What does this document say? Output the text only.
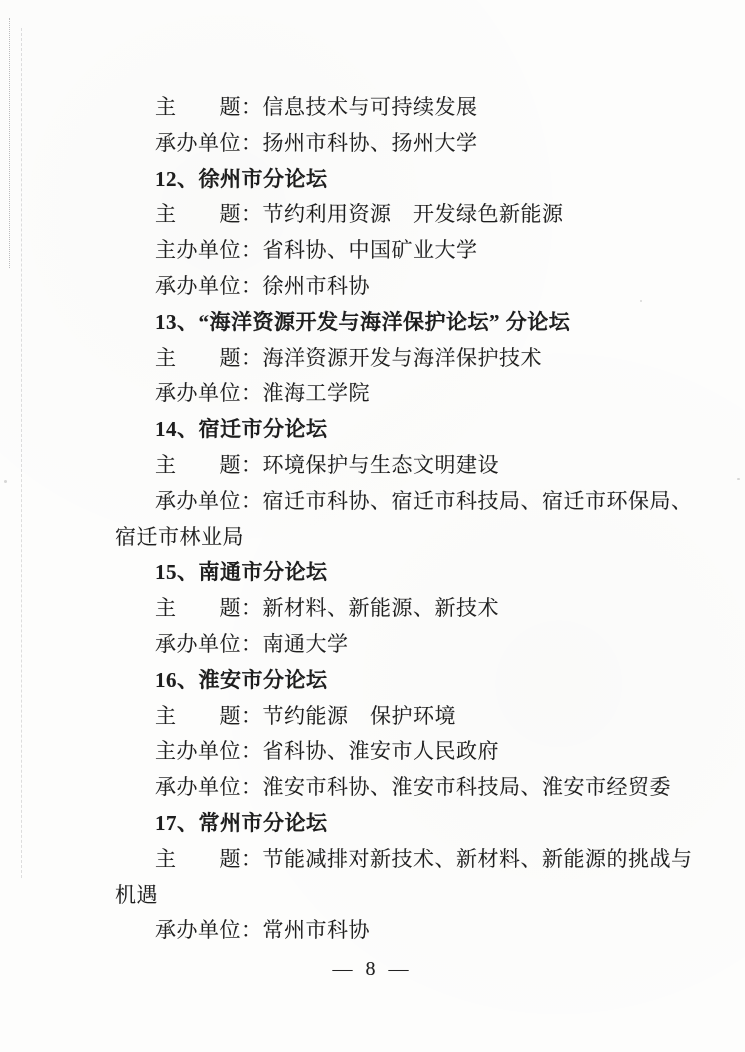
主　　题：信息技术与可持续发展

承办单位：扬州市科协、扬州大学

12、徐州市分论坛

主　　题：节约利用资源　开发绿色新能源

主办单位：省科协、中国矿业大学

承办单位：徐州市科协

13、“海洋资源开发与海洋保护论坛” 分论坛

主　　题：海洋资源开发与海洋保护技术

承办单位：淮海工学院

14、宿迁市分论坛

主　　题：环境保护与生态文明建设

承办单位：宿迁市科协、宿迁市科技局、宿迁市环保局、

宿迁市林业局

15、南通市分论坛

主　　题：新材料、新能源、新技术

承办单位：南通大学

16、淮安市分论坛

主　　题：节约能源　保护环境

主办单位：省科协、淮安市人民政府

承办单位：淮安市科协、淮安市科技局、淮安市经贸委

17、常州市分论坛

主　　题：节能减排对新技术、新材料、新能源的挑战与

机遇

承办单位：常州市科协

— 8 —
